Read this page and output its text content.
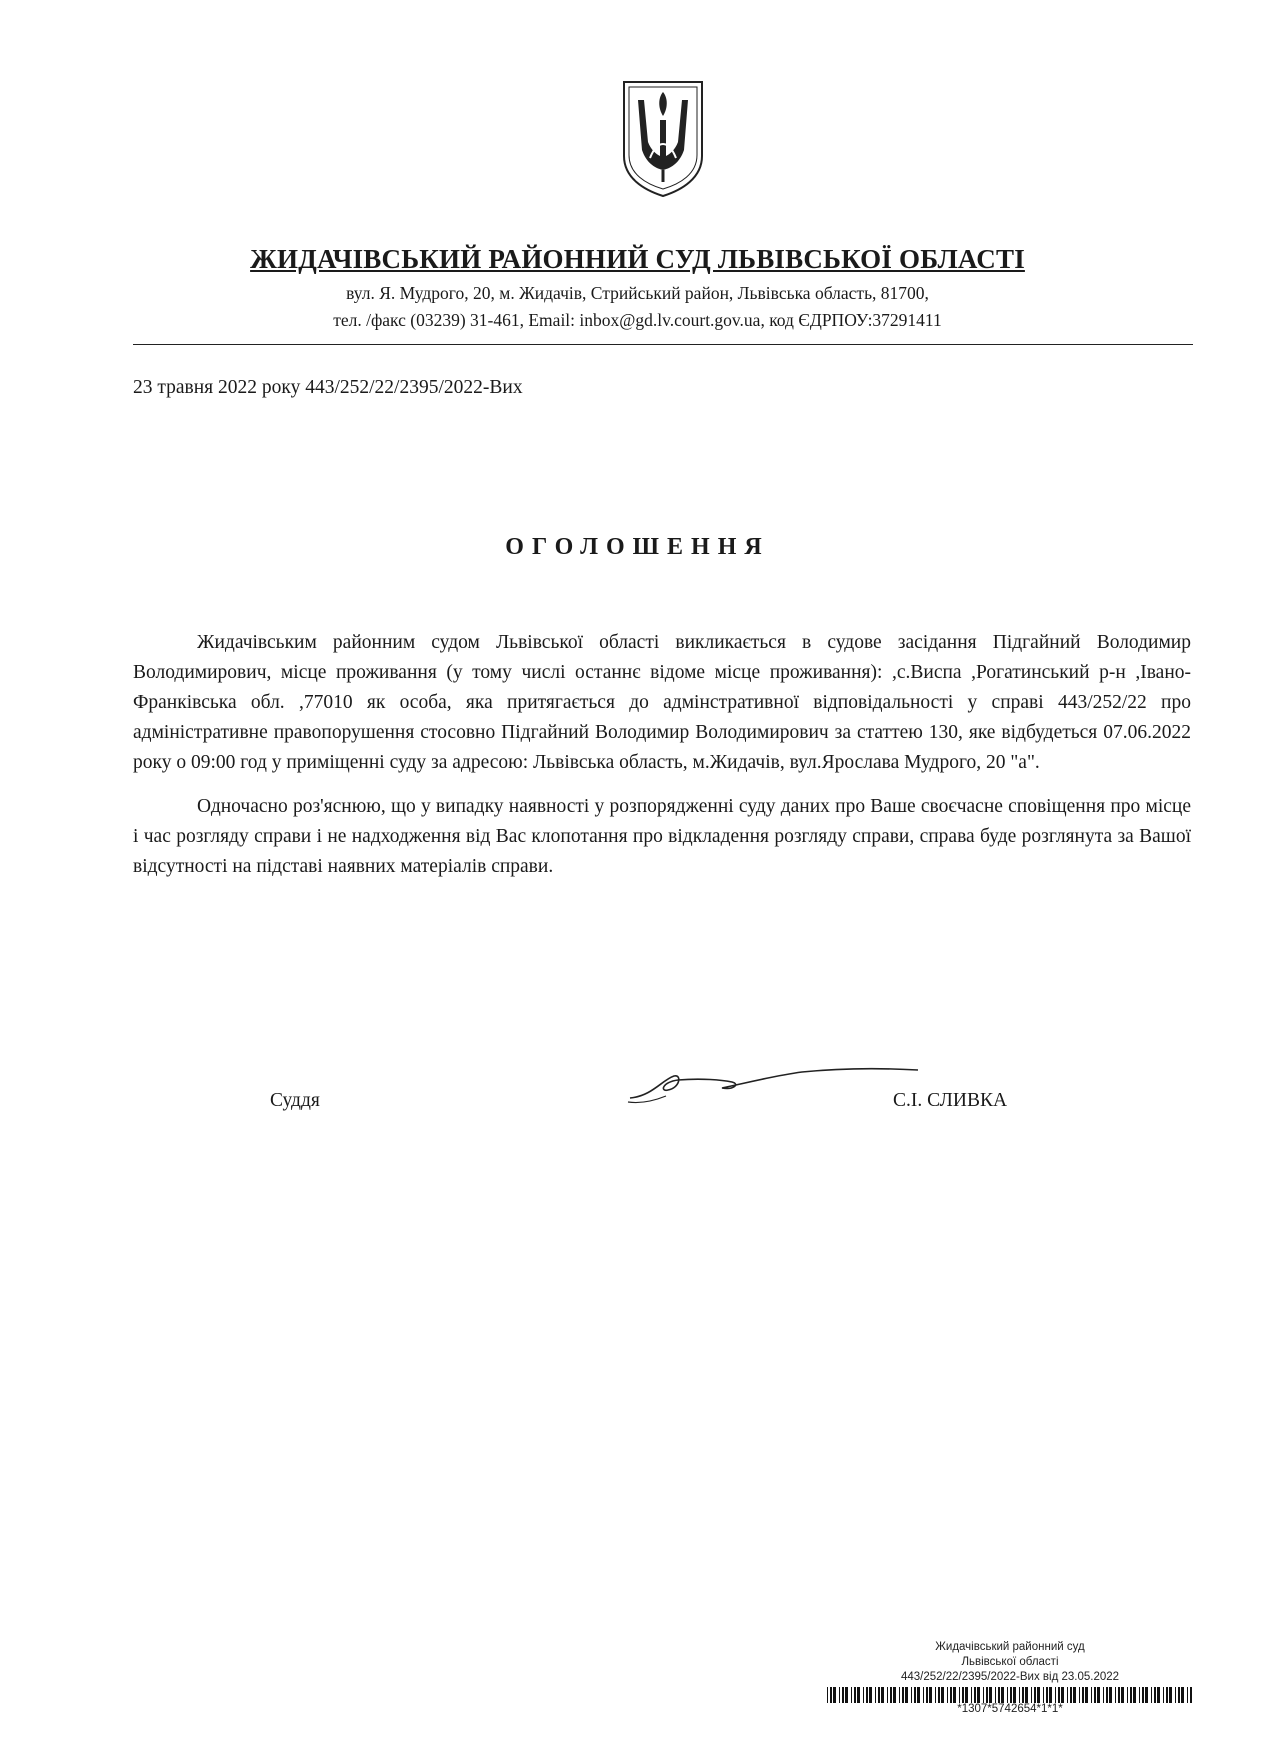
ЖИДАЧІВСЬКИЙ РАЙОННИЙ СУД ЛЬВІВСЬКОЇ ОБЛАСТІ
вул. Я. Мудрого, 20, м. Жидачів, Стрийський район, Львівська область, 81700,
тел. /факс (03239) 31-461, Email: inbox@gd.lv.court.gov.ua, код ЄДРПОУ:37291411
23 травня 2022 року 443/252/22/2395/2022-Вих
ОГОЛОШЕННЯ

Жидачівським районним судом Львівської області викликається в судове засідання Підгайний Володимир Володимирович, місце проживання (у тому числі останнє відоме місце проживання): ,с.Виспа ,Рогатинський р-н ,Івано-Франківська обл. ,77010 як особа, яка притягається до адмінстративної відповідальності у справі 443/252/22 про адміністративне правопорушення стосовно Підгайний Володимир Володимирович за статтею 130, яке відбудеться 07.06.2022 року о 09:00 год у приміщенні суду за адресою: Львівська область, м.Жидачів, вул.Ярослава Мудрого, 20 "а".

Одночасно роз'яснюю, що у випадку наявності у розпорядженні суду даних про Ваше своєчасне сповіщення про місце і час розгляду справи і не надходження від Вас клопотання про відкладення розгляду справи, справа буде розглянута за Вашої відсутності на підставі наявних матеріалів справи.

Суддя	С.І. СЛИВКА
Жидачівський районний суд
Львівської області
443/252/22/2395/2022-Вих від 23.05.2022
*1307*5742654*1*1*
